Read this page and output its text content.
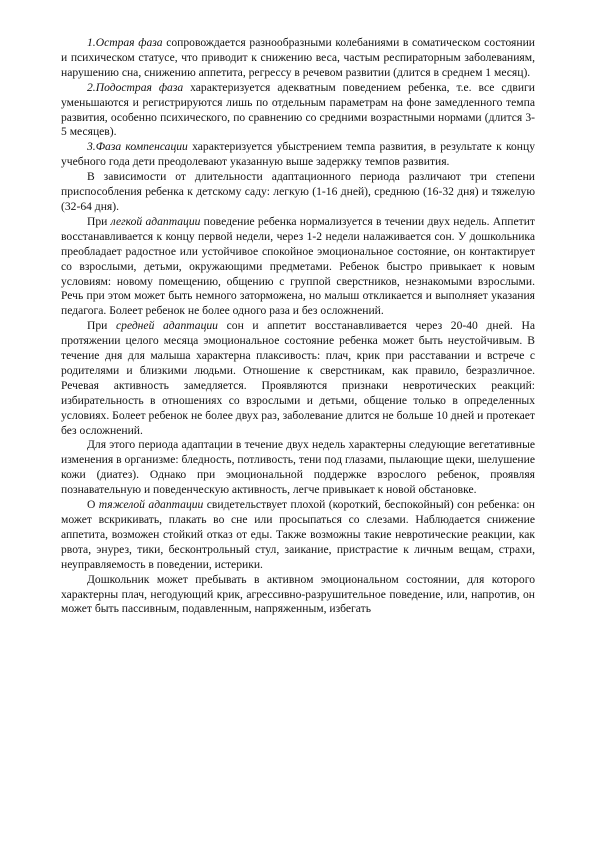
1.Острая фаза сопровождается разнообразными колебаниями в соматическом состоянии и психическом статусе, что приводит к снижению веса, частым респираторным заболеваниям, нарушению сна, снижению аппетита, регрессу в речевом развитии (длится в среднем 1 месяц).

2.Подострая фаза характеризуется адекватным поведением ребенка, т.е. все сдвиги уменьшаются и регистрируются лишь по отдельным параметрам на фоне замедленного темпа развития, особенно психического, по сравнению со средними возрастными нормами (длится 3-5 месяцев).

3.Фаза компенсации характеризуется убыстрением темпа развития, в результате к концу учебного года дети преодолевают указанную выше задержку темпов развития.

В зависимости от длительности адаптационного периода различают три степени приспособления ребенка к детскому саду: легкую (1-16 дней), среднюю (16-32 дня) и тяжелую (32-64 дня).

При легкой адаптации поведение ребенка нормализуется в течении двух недель. Аппетит восстанавливается к концу первой недели, через 1-2 недели налаживается сон. У дошкольника преобладает радостное или устойчивое спокойное эмоциональное состояние, он контактирует со взрослыми, детьми, окружающими предметами. Ребенок быстро привыкает к новым условиям: новому помещению, общению с группой сверстников, незнакомыми взрослыми. Речь при этом может быть немного заторможена, но малыш откликается и выполняет указания педагога. Болеет ребенок не более одного раза и без осложнений.

При средней адаптации сон и аппетит восстанавливается через 20-40 дней. На протяжении целого месяца эмоциональное состояние ребенка может быть неустойчивым. В течение дня для малыша характерна плаксивость: плач, крик при расставании и встрече с родителями и близкими людьми. Отношение к сверстникам, как правило, безразличное. Речевая активность замедляется. Проявляются признаки невротических реакций: избирательность в отношениях со взрослыми и детьми, общение только в определенных условиях. Болеет ребенок не более двух раз, заболевание длится не больше 10 дней и протекает без осложнений.

Для этого периода адаптации в течение двух недель характерны следующие вегетативные изменения в организме: бледность, потливость, тени под глазами, пылающие щеки, шелушение кожи (диатез). Однако при эмоциональной поддержке взрослого ребенок, проявляя познавательную и поведенческую активность, легче привыкает к новой обстановке.

О тяжелой адаптации свидетельствует плохой (короткий, беспокойный) сон ребенка: он может вскрикивать, плакать во сне или просыпаться со слезами. Наблюдается снижение аппетита, возможен стойкий отказ от еды. Также возможны такие невротические реакции, как рвота, энурез, тики, бесконтрольный стул, заикание, пристрастие к личным вещам, страхи, неуправляемость в поведении, истерики.

Дошкольник может пребывать в активном эмоциональном состоянии, для которого характерны плач, негодующий крик, агрессивно-разрушительное поведение, или, напротив, он может быть пассивным, подавленным, напряженным, избегать
